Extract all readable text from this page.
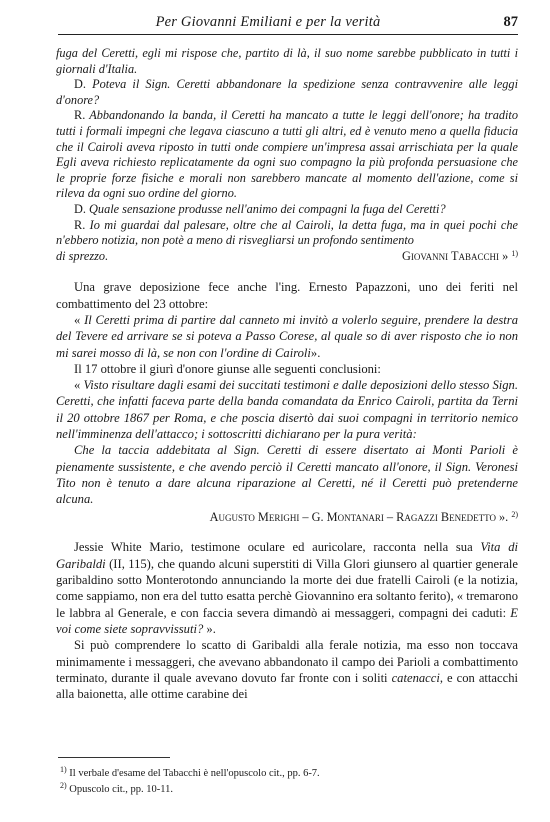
Per Giovanni Emiliani e per la verità	87

fuga del Ceretti, egli mi rispose che, partito di là, il suo nome sarebbe pubblicato in tutti i giornali d'Italia.

D. Poteva il Sign. Ceretti abbandonare la spedizione senza contravvenire alle leggi d'onore?

R. Abbandonando la banda, il Ceretti ha mancato a tutte le leggi dell'onore; ha tradito tutti i formali impegni che legava ciascuno a tutti gli altri, ed è venuto meno a quella fiducia che il Cairoli aveva riposto in tutti onde compiere un'impresa assai arrischiata per la quale Egli aveva richiesto replicatamente da ogni suo compagno la più profonda persuasione che le proprie forze fisiche e morali non sarebbero mancate al momento dell'azione, come si rileva da ogni suo ordine del giorno.

D. Quale sensazione produsse nell'animo dei compagni la fuga del Ceretti?

R. Io mi guardai dal palesare, oltre che al Cairoli, la detta fuga, ma in quei pochi che n'ebbero notizia, non potè a meno di risvegliarsi un profondo sentimento

di sprezzo.	Giovanni Tabacchi » $^{1)}$

Una grave deposizione fece anche l'ing. Ernesto Papazzoni, uno dei feriti nel combattimento del 23 ottobre:

« Il Ceretti prima di partire dal canneto mi invitò a volerlo seguire, prendere la destra del Tevere ed arrivare se si poteva a Passo Corese, al quale so di aver risposto che io non mi sarei mosso di là, se non con l'ordine di Cairoli».

Il 17 ottobre il giurì d'onore giunse alle seguenti conclusioni:

« Visto risultare dagli esami dei succitati testimoni e dalle deposizioni dello stesso Sign. Ceretti, che infatti faceva parte della banda comandata da Enrico Cairoli, partita da Terni il 20 ottobre 1867 per Roma, e che poscia disertò dai suoi compagni in territorio nemico nell'imminenza dell'attacco; i sottoscritti dichiarano per la pura verità:

Che la taccia addebitata al Sign. Ceretti di essere disertato ai Monti Parioli è pienamente sussistente, e che avendo perciò il Ceretti mancato all'onore, il Sign. Veronesi Tito non è tenuto a dare alcuna riparazione al Ceretti, né il Ceretti può pretenderne alcuna.

Augusto Merighi – G. Montanari – Ragazzi Benedetto ». $^{2)}$

Jessie White Mario, testimone oculare ed auricolare, racconta nella sua Vita di Garibaldi (II, 115), che quando alcuni superstiti di Villa Glori giunsero al quartier generale garibaldino sotto Monterotondo annunciando la morte dei due fratelli Cairoli (e la notizia, come sappiamo, non era del tutto esatta perchè Giovannino era soltanto ferito), « tremarono le labbra al Generale, e con faccia severa dimandò ai messaggeri, compagni dei caduti: E voi come siete sopravvissuti? ».

Si può comprendere lo scatto di Garibaldi alla ferale notizia, ma esso non toccava minimamente i messaggeri, che avevano abbandonato il campo dei Parioli a combattimento terminato, durante il quale avevano dovuto far fronte con i soliti catenacci, e con attacchi alla baionetta, alle ottime carabine dei

$^{1)}$ Il verbale d'esame del Tabacchi è nell'opuscolo cit., pp. 6-7.

$^{2)}$ Opuscolo cit., pp. 10-11.
